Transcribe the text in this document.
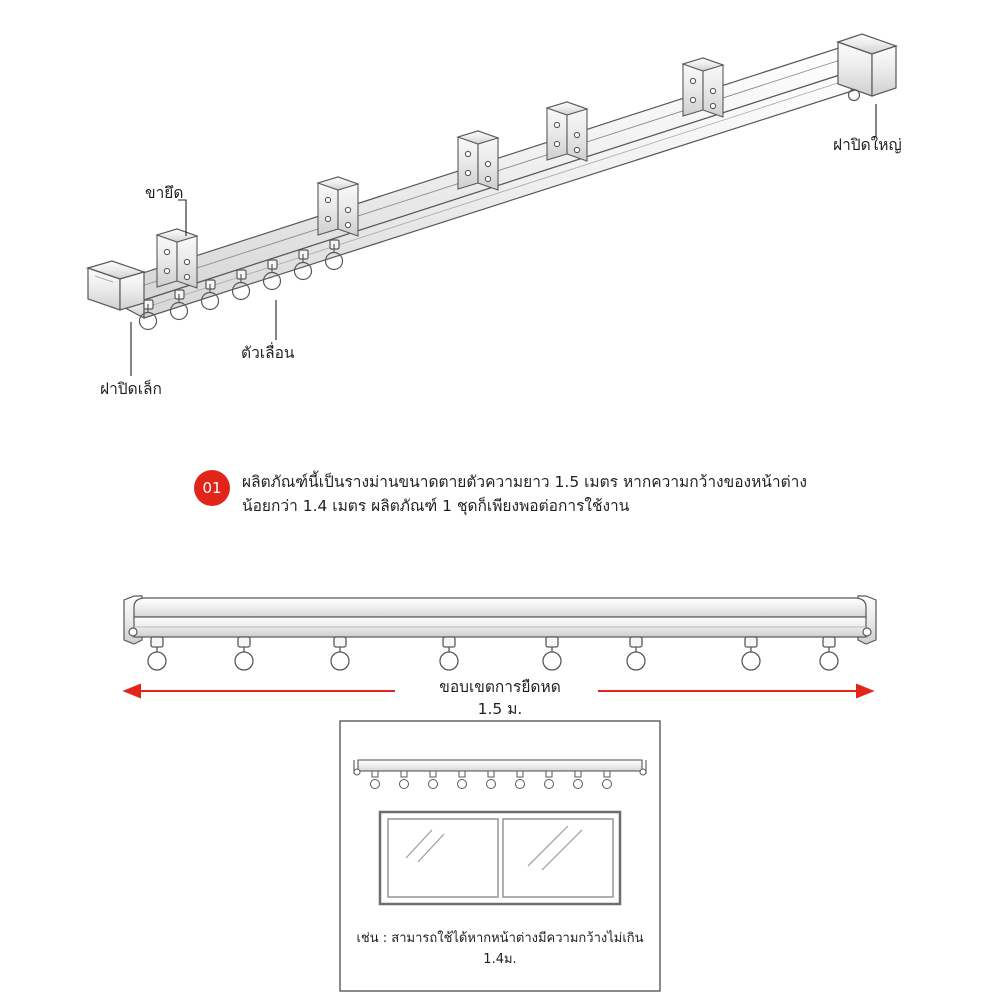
ขายึด
ตัวเลื่อน
ฝาปิดเล็ก
ฝาปิดใหญ่
01	ผลิตภัณฑ์นี้เป็นรางม่านขนาดตายตัวความยาว 1.5 เมตร หากความกว้างของหน้าต่างน้อยกว่า 1.4 เมตร ผลิตภัณฑ์ 1 ชุดก็เพียงพอต่อการใช้งาน
ขอบเขตการยืดหด
1.5 ม.
เช่น : สามารถใช้ได้หากหน้าต่างมีความกว้างไม่เกิน 1.4ม.
